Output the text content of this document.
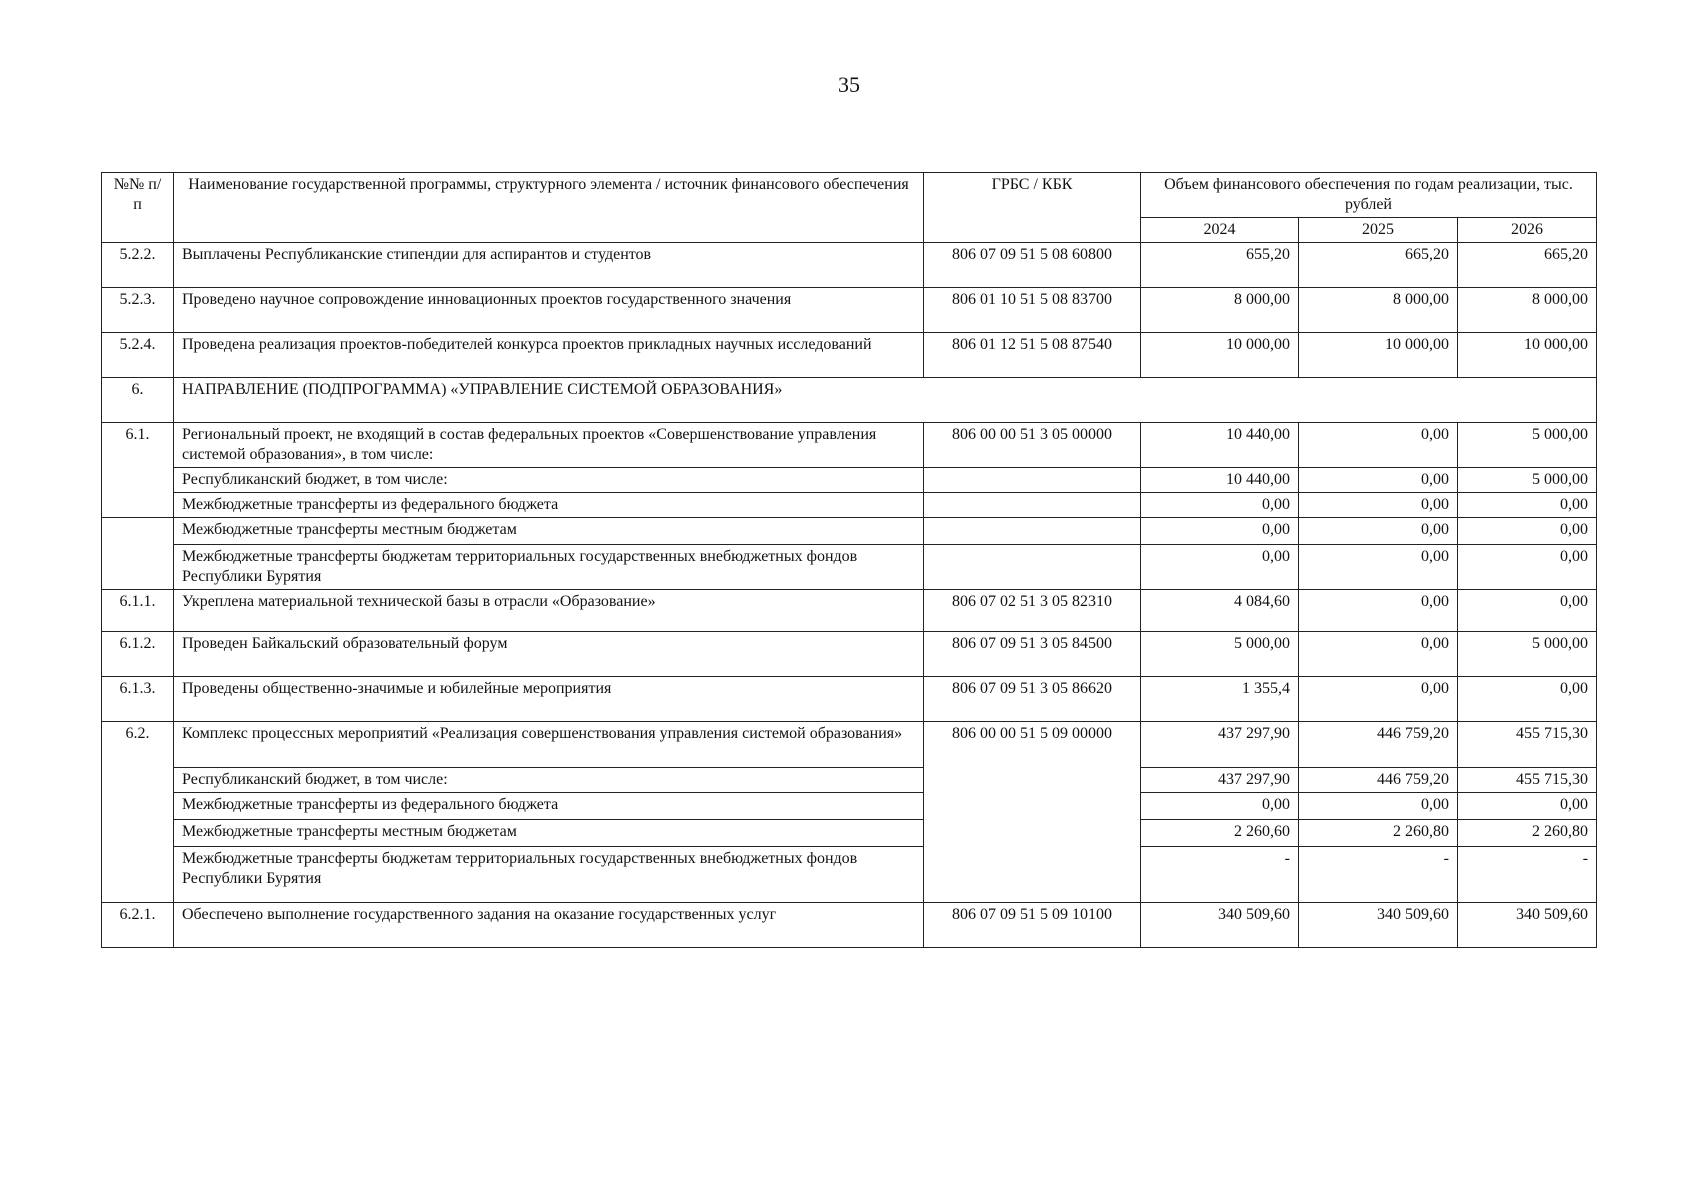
35
№№ п/п	Наименование государственной программы, структурного элемента / источник финансового обеспечения	ГРБС / КБК	Объем финансового обеспечения по годам реализации, тыс. рублей		
			2024	2025	2026
5.2.2.	Выплачены Республиканские стипендии для аспирантов и студентов	806 07 09 51 5 08 60800	655,20	665,20	665,20
5.2.3.	Проведено научное сопровождение инновационных проектов государственного значения	806 01 10 51 5 08 83700	8 000,00	8 000,00	8 000,00
5.2.4.	Проведена реализация проектов-победителей конкурса проектов прикладных научных исследований	806 01 12 51 5 08 87540	10 000,00	10 000,00	10 000,00
6.	НАПРАВЛЕНИЕ (ПОДПРОГРАММА) «УПРАВЛЕНИЕ СИСТЕМОЙ ОБРАЗОВАНИЯ»				
6.1.	Региональный проект, не входящий в состав федеральных проектов «Совершенствование управления системой образования», в том числе:	806 00 00 51 3 05 00000	10 440,00	0,00	5 000,00
	Республиканский бюджет, в том числе:		10 440,00	0,00	5 000,00
	Межбюджетные трансферты из федерального бюджета		0,00	0,00	0,00
	Межбюджетные трансферты местным бюджетам		0,00	0,00	0,00
	Межбюджетные трансферты бюджетам территориальных государственных внебюджетных фондов Республики Бурятия		0,00	0,00	0,00
6.1.1.	Укреплена материальной технической базы в отрасли «Образование»	806 07 02 51 3 05 82310	4 084,60	0,00	0,00
6.1.2.	Проведен Байкальский образовательный форум	806 07 09 51 3 05 84500	5 000,00	0,00	5 000,00
6.1.3.	Проведены общественно-значимые и юбилейные мероприятия	806 07 09 51 3 05 86620	1 355,4	0,00	0,00
6.2.	Комплекс процессных мероприятий «Реализация совершенствования управления системой образования»	806 00 00 51 5 09 00000	437 297,90	446 759,20	455 715,30
	Республиканский бюджет, в том числе:		437 297,90	446 759,20	455 715,30
	Межбюджетные трансферты из федерального бюджета		0,00	0,00	0,00
	Межбюджетные трансферты местным бюджетам		2 260,60	2 260,80	2 260,80
	Межбюджетные трансферты бюджетам территориальных государственных внебюджетных фондов Республики Бурятия		-	-	-
6.2.1.	Обеспечено выполнение государственного задания на оказание государственных услуг	806 07 09 51 5 09 10100	340 509,60	340 509,60	340 509,60
